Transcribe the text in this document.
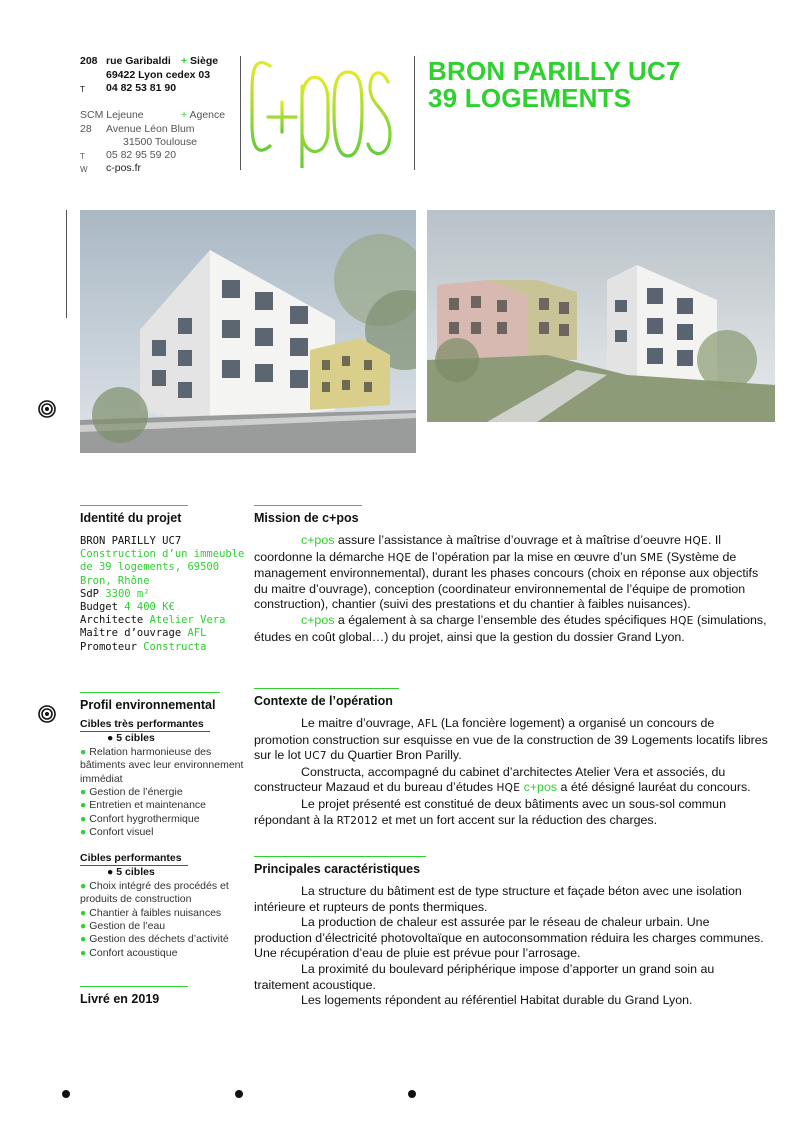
208 rue Garibaldi + Siège
69422 Lyon cedex 03
T 04 82 53 81 90
SCM Lejeune	+ Agence
28 Avenue Léon Blum
31500 Toulouse
T 05 82 95 59 20
W c-pos.fr
BRON PARILLY UC7
39 LOGEMENTS
Identité du projet
BRON PARILLY UC7
Construction d’un immeuble de 39 logements, 69500 Bron, Rhône
SdP 3300 m²
Budget 4 400 K€
Architecte Atelier Vera
Maître d’ouvrage AFL
Promoteur Constructa
Profil environnemental
Cibles très performantes
● 5 cibles
● Relation harmonieuse des bâtiments avec leur environnement immédiat
● Gestion de l’énergie
● Entretien et maintenance
● Confort hygrothermique
● Confort visuel
Cibles performantes
● 5 cibles
● Choix intégré des procédés et produits de construction
● Chantier à faibles nuisances
● Gestion de l’eau
● Gestion des déchets d’activité
● Confort acoustique
Livré en 2019
Mission de c+pos

c+pos assure l’assistance à maîtrise d’ouvrage et à maîtrise d’oeuvre HQE. Il coordonne la démarche HQE de l’opération par la mise en œuvre d’un SME (Système de management environnemental), durant les phases concours (choix en réponse aux objectifs du maitre d’ouvrage), conception (coordinateur environnemental de l’équipe de promotion construction), chantier (suivi des prestations et du chantier à faibles nuisances).

c+pos a également à sa charge l’ensemble des études spécifiques HQE (simulations, études en coût global…) du projet, ainsi que la gestion du dossier Grand Lyon.

Contexte de l’opération

Le maitre d’ouvrage, AFL (La foncière logement) a organisé un concours de promotion construction sur esquisse en vue de la construction de 39 Logements locatifs libres sur le lot UC7 du Quartier Bron Parilly.

Constructa, accompagné du cabinet d’architectes Atelier Vera et associés, du constructeur Mazaud et du bureau d’études HQE c+pos a été désigné lauréat du concours.

Le projet présenté est constitué de deux bâtiments avec un sous-sol commun répondant à la RT2012 et met un fort accent sur la réduction des charges.

Principales caractéristiques

La structure du bâtiment est de type structure et façade béton avec une isolation intérieure et rupteurs de ponts thermiques.

La production de chaleur est assurée par le réseau de chaleur urbain. Une production d’électricité photovoltaïque en autoconsommation réduira les charges communes. Une récupération d’eau de pluie est prévue pour l’arrosage.

La proximité du boulevard périphérique impose d’apporter un grand soin au traitement acoustique.

Les logements répondent au référentiel Habitat durable du Grand Lyon.
